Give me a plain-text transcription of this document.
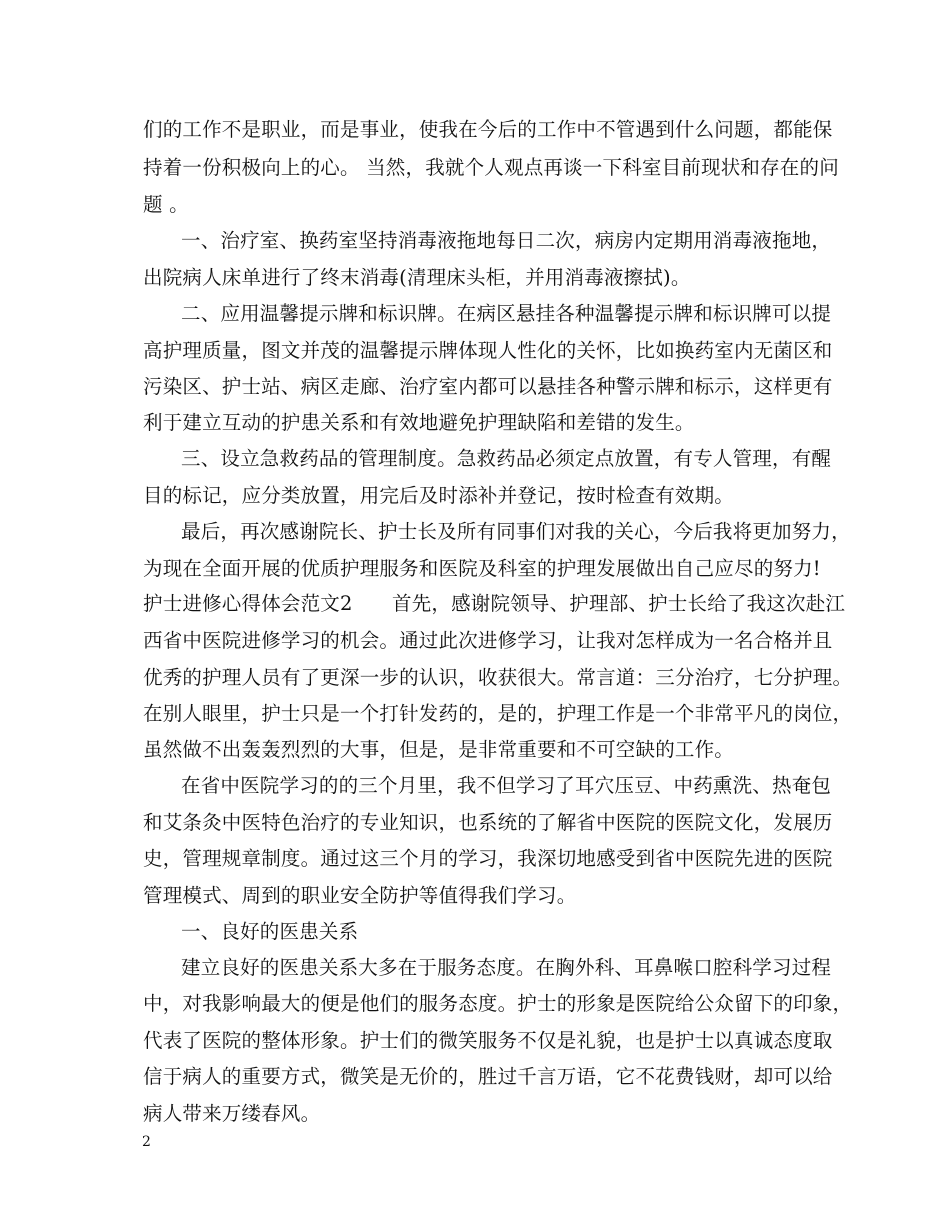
们的工作不是职业，而是事业，使我在今后的工作中不管遇到什么问题，都能保
持着一份积极向上的心。 当然，我就个人观点再谈一下科室目前现状和存在的问
题 。
一、治疗室、换药室坚持消毒液拖地每日二次，病房内定期用消毒液拖地，
出院病人床单进行了终末消毒(清理床头柜，并用消毒液擦拭)。
二、应用温馨提示牌和标识牌。在病区悬挂各种温馨提示牌和标识牌可以提
高护理质量，图文并茂的温馨提示牌体现人性化的关怀，比如换药室内无菌区和
污染区、护士站、病区走廊、治疗室内都可以悬挂各种警示牌和标示，这样更有
利于建立互动的护患关系和有效地避免护理缺陷和差错的发生。
三、设立急救药品的管理制度。急救药品必须定点放置，有专人管理，有醒
目的标记，应分类放置，用完后及时添补并登记，按时检查有效期。
最后，再次感谢院长、护士长及所有同事们对我的关心，今后我将更加努力，
为现在全面开展的优质护理服务和医院及科室的护理发展做出自己应尽的努力!
护士进修心得体会范文2　　首先，感谢院领导、护理部、护士长给了我这次赴江
西省中医院进修学习的机会。通过此次进修学习，让我对怎样成为一名合格并且
优秀的护理人员有了更深一步的认识，收获很大。常言道：三分治疗，七分护理。
在别人眼里，护士只是一个打针发药的，是的，护理工作是一个非常平凡的岗位，
虽然做不出轰轰烈烈的大事，但是，是非常重要和不可空缺的工作。
在省中医院学习的的三个月里，我不但学习了耳穴压豆、中药熏洗、热奄包
和艾条灸中医特色治疗的专业知识，也系统的了解省中医院的医院文化，发展历
史，管理规章制度。通过这三个月的学习，我深切地感受到省中医院先进的医院
管理模式、周到的职业安全防护等值得我们学习。
一、良好的医患关系
建立良好的医患关系大多在于服务态度。在胸外科、耳鼻喉口腔科学习过程
中，对我影响最大的便是他们的服务态度。护士的形象是医院给公众留下的印象，
代表了医院的整体形象。护士们的微笑服务不仅是礼貌，也是护士以真诚态度取
信于病人的重要方式，微笑是无价的，胜过千言万语，它不花费钱财，却可以给
病人带来万缕春风。
2
